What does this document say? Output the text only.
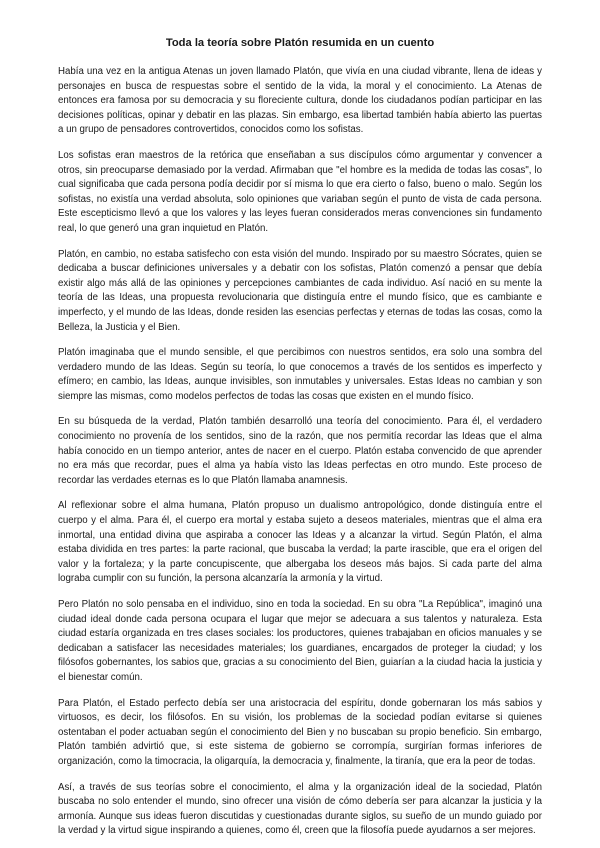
Toda la teoría sobre Platón resumida en un cuento

Había una vez en la antigua Atenas un joven llamado Platón, que vivía en una ciudad vibrante, llena de ideas y personajes en busca de respuestas sobre el sentido de la vida, la moral y el conocimiento. La Atenas de entonces era famosa por su democracia y su floreciente cultura, donde los ciudadanos podían participar en las decisiones políticas, opinar y debatir en las plazas. Sin embargo, esa libertad también había abierto las puertas a un grupo de pensadores controvertidos, conocidos como los sofistas.

Los sofistas eran maestros de la retórica que enseñaban a sus discípulos cómo argumentar y convencer a otros, sin preocuparse demasiado por la verdad. Afirmaban que "el hombre es la medida de todas las cosas", lo cual significaba que cada persona podía decidir por sí misma lo que era cierto o falso, bueno o malo. Según los sofistas, no existía una verdad absoluta, solo opiniones que variaban según el punto de vista de cada persona. Este escepticismo llevó a que los valores y las leyes fueran considerados meras convenciones sin fundamento real, lo que generó una gran inquietud en Platón.

Platón, en cambio, no estaba satisfecho con esta visión del mundo. Inspirado por su maestro Sócrates, quien se dedicaba a buscar definiciones universales y a debatir con los sofistas, Platón comenzó a pensar que debía existir algo más allá de las opiniones y percepciones cambiantes de cada individuo. Así nació en su mente la teoría de las Ideas, una propuesta revolucionaria que distinguía entre el mundo físico, que es cambiante e imperfecto, y el mundo de las Ideas, donde residen las esencias perfectas y eternas de todas las cosas, como la Belleza, la Justicia y el Bien.

Platón imaginaba que el mundo sensible, el que percibimos con nuestros sentidos, era solo una sombra del verdadero mundo de las Ideas. Según su teoría, lo que conocemos a través de los sentidos es imperfecto y efímero; en cambio, las Ideas, aunque invisibles, son inmutables y universales. Estas Ideas no cambian y son siempre las mismas, como modelos perfectos de todas las cosas que existen en el mundo físico.

En su búsqueda de la verdad, Platón también desarrolló una teoría del conocimiento. Para él, el verdadero conocimiento no provenía de los sentidos, sino de la razón, que nos permitía recordar las Ideas que el alma había conocido en un tiempo anterior, antes de nacer en el cuerpo. Platón estaba convencido de que aprender no era más que recordar, pues el alma ya había visto las Ideas perfectas en otro mundo. Este proceso de recordar las verdades eternas es lo que Platón llamaba anamnesis.

Al reflexionar sobre el alma humana, Platón propuso un dualismo antropológico, donde distinguía entre el cuerpo y el alma. Para él, el cuerpo era mortal y estaba sujeto a deseos materiales, mientras que el alma era inmortal, una entidad divina que aspiraba a conocer las Ideas y a alcanzar la virtud. Según Platón, el alma estaba dividida en tres partes: la parte racional, que buscaba la verdad; la parte irascible, que era el origen del valor y la fortaleza; y la parte concupiscente, que albergaba los deseos más bajos. Si cada parte del alma lograba cumplir con su función, la persona alcanzaría la armonía y la virtud.

Pero Platón no solo pensaba en el individuo, sino en toda la sociedad. En su obra "La República", imaginó una ciudad ideal donde cada persona ocupara el lugar que mejor se adecuara a sus talentos y naturaleza. Esta ciudad estaría organizada en tres clases sociales: los productores, quienes trabajaban en oficios manuales y se dedicaban a satisfacer las necesidades materiales; los guardianes, encargados de proteger la ciudad; y los filósofos gobernantes, los sabios que, gracias a su conocimiento del Bien, guiarían a la ciudad hacia la justicia y el bienestar común.

Para Platón, el Estado perfecto debía ser una aristocracia del espíritu, donde gobernaran los más sabios y virtuosos, es decir, los filósofos. En su visión, los problemas de la sociedad podían evitarse si quienes ostentaban el poder actuaban según el conocimiento del Bien y no buscaban su propio beneficio. Sin embargo, Platón también advirtió que, si este sistema de gobierno se corrompía, surgirían formas inferiores de organización, como la timocracia, la oligarquía, la democracia y, finalmente, la tiranía, que era la peor de todas.

Así, a través de sus teorías sobre el conocimiento, el alma y la organización ideal de la sociedad, Platón buscaba no solo entender el mundo, sino ofrecer una visión de cómo debería ser para alcanzar la justicia y la armonía. Aunque sus ideas fueron discutidas y cuestionadas durante siglos, su sueño de un mundo guiado por la verdad y la virtud sigue inspirando a quienes, como él, creen que la filosofía puede ayudarnos a ser mejores.
